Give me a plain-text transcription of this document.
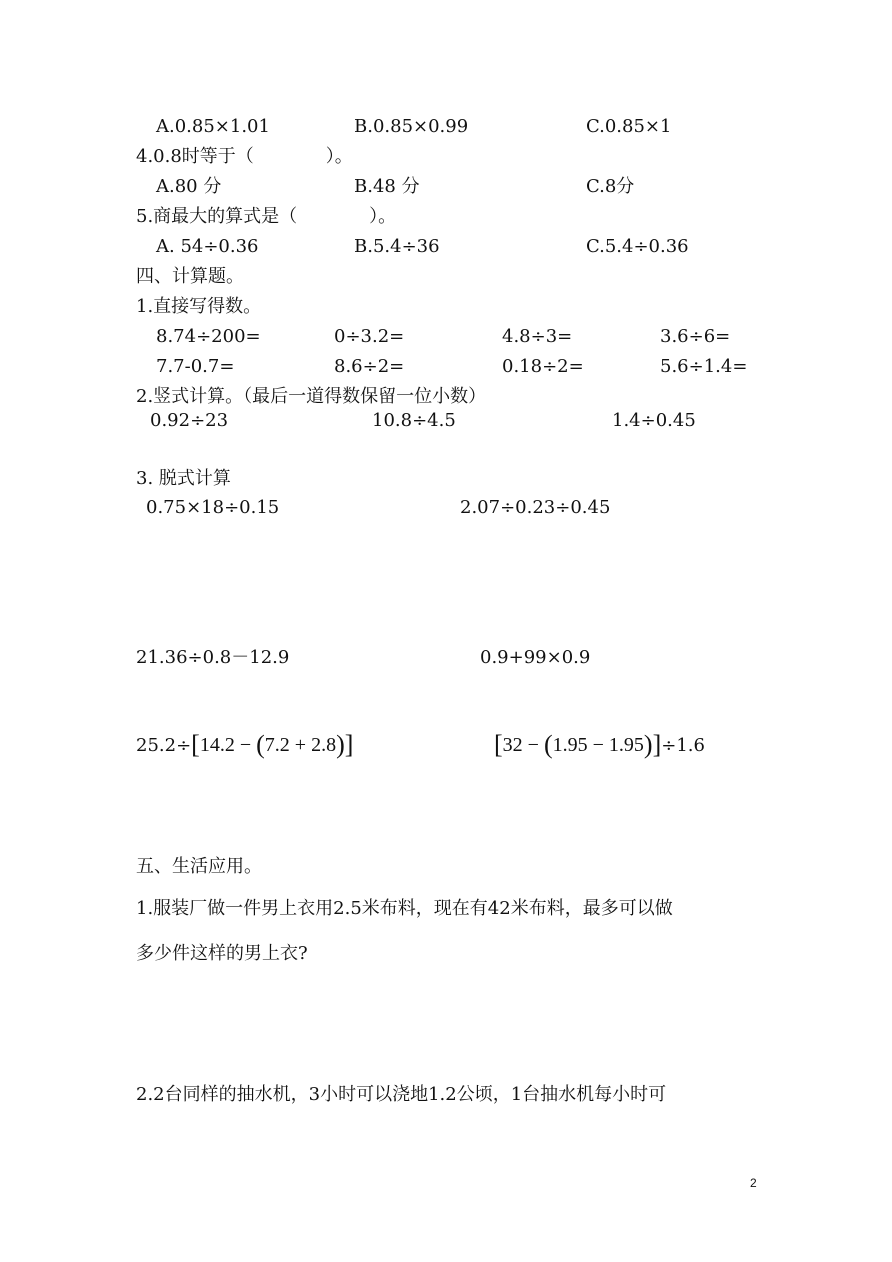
A.0.85×1.01	B.0.85×0.99	C.0.85×1
4.0.8时等于（　　　　）。
A.80 分	B.48 分	C.8分
5.商最大的算式是（　　　　）。
A. 54÷0.36	B.5.4÷36	C.5.4÷0.36
四、计算题。
1.直接写得数。
8.74÷200=	0÷3.2=	4.8÷3=	3.6÷6=
7.7-0.7=	8.6÷2=	0.18÷2=	5.6÷1.4=
2.竖式计算。（最后一道得数保留一位小数）
0.92÷23	10.8÷4.5	1.4÷0.45
3. 脱式计算
0.75×18÷0.15	2.07÷0.23÷0.45
21.36÷0.8－12.9	0.9+99×0.9
25.2÷[14.2 − (7.2 + 2.8)]	[32 − (1.95 − 1.95)]÷1.6
五、生活应用。
1.服装厂做一件男上衣用2.5米布料，现在有42米布料，最多可以做
多少件这样的男上衣?
2.2台同样的抽水机，3小时可以浇地1.2公顷，1台抽水机每小时可
2
